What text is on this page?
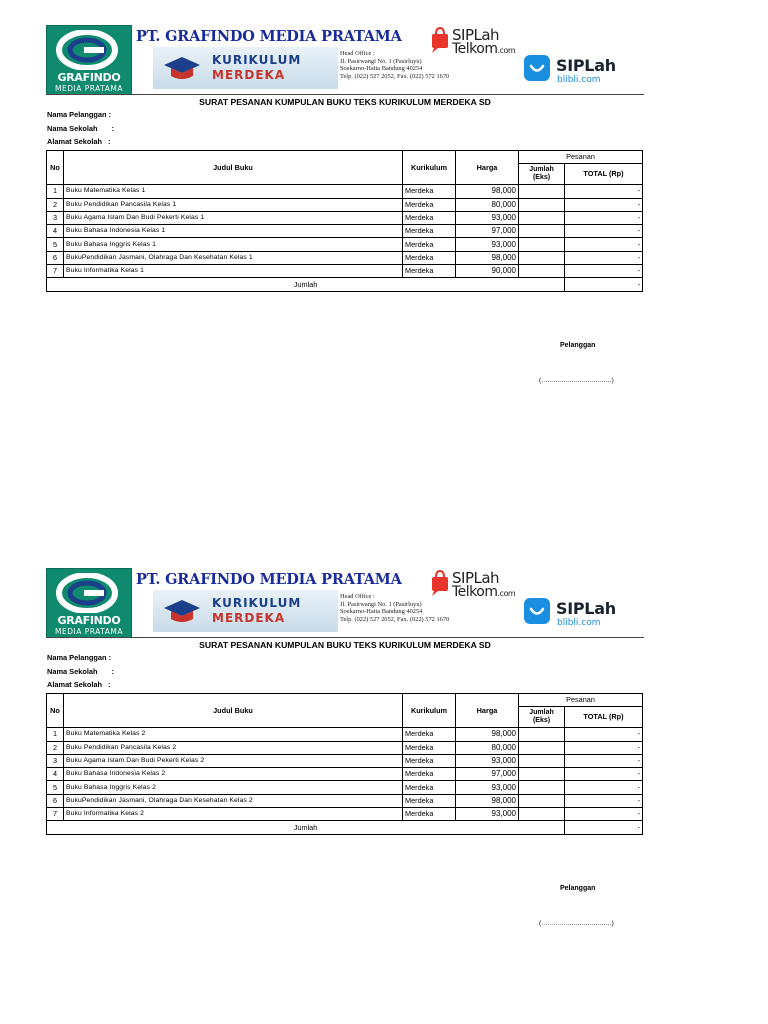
GRAFINDO
MEDIA PRATAMA
PT. GRAFINDO MEDIA PRATAMA
KURIKULUM
MERDEKA
Head Office :
Jl. Pasirwangi No. 1 (Pasirluyu)
Soekarno-Hatta Bandung 40254
Telp. (022) 527 2052, Fax. (022) 572 1670
SIPLah
Telkom.com
SIPLah
blibli.com
SURAT PESANAN KUMPULAN BUKU TEKS KURIKULUM MERDEKA SD
Nama Pelanggan :
Nama Sekolah :
Alamat Sekolah :
No	Judul Buku	Kurikulum	Harga	Pesanan	
				Jumlah (Eks)	TOTAL (Rp)
1	Buku Matematika Kelas 1	Merdeka	98,000		-
2	Buku Pendidikan Pancasila Kelas 1	Merdeka	80,000		-
3	Buku Agama Islam Dan Budi Pekerti Kelas 1	Merdeka	93,000		-
4	Buku Bahasa Indonesia Kelas 1	Merdeka	97,000		-
5	Buku Bahasa Inggris Kelas 1	Merdeka	93,000		-
6	BukuPendidikan Jasmani, Olahraga Dan Kesehatan Kelas 1	Merdeka	98,000		-
7	Buku Informatika Kelas 1	Merdeka	90,000		-
Jumlah					-
Pelanggan
(...................................)
GRAFINDO
MEDIA PRATAMA
PT. GRAFINDO MEDIA PRATAMA
KURIKULUM
MERDEKA
Head Office :
Jl. Pasirwangi No. 1 (Pasirluyu)
Soekarno-Hatta Bandung 40254
Telp. (022) 527 2052, Fax. (022) 572 1670
SIPLah
Telkom.com
SIPLah
blibli.com
SURAT PESANAN KUMPULAN BUKU TEKS KURIKULUM MERDEKA SD
Nama Pelanggan :
Nama Sekolah :
Alamat Sekolah :
No	Judul Buku	Kurikulum	Harga	Pesanan	
				Jumlah (Eks)	TOTAL (Rp)
1	Buku Matematika Kelas 2	Merdeka	98,000		-
2	Buku Pendidikan Pancasila Kelas 2	Merdeka	80,000		-
3	Buku Agama Islam Dan Budi Pekerti Kelas 2	Merdeka	93,000		-
4	Buku Bahasa Indonesia Kelas 2	Merdeka	97,000		-
5	Buku Bahasa Inggris Kelas 2	Merdeka	93,000		-
6	BukuPendidikan Jasmani, Olahraga Dan Kesehatan Kelas 2	Merdeka	98,000		-
7	Buku Informatika Kelas 2	Merdeka	93,000		-
Jumlah					-
Pelanggan
(...................................)
